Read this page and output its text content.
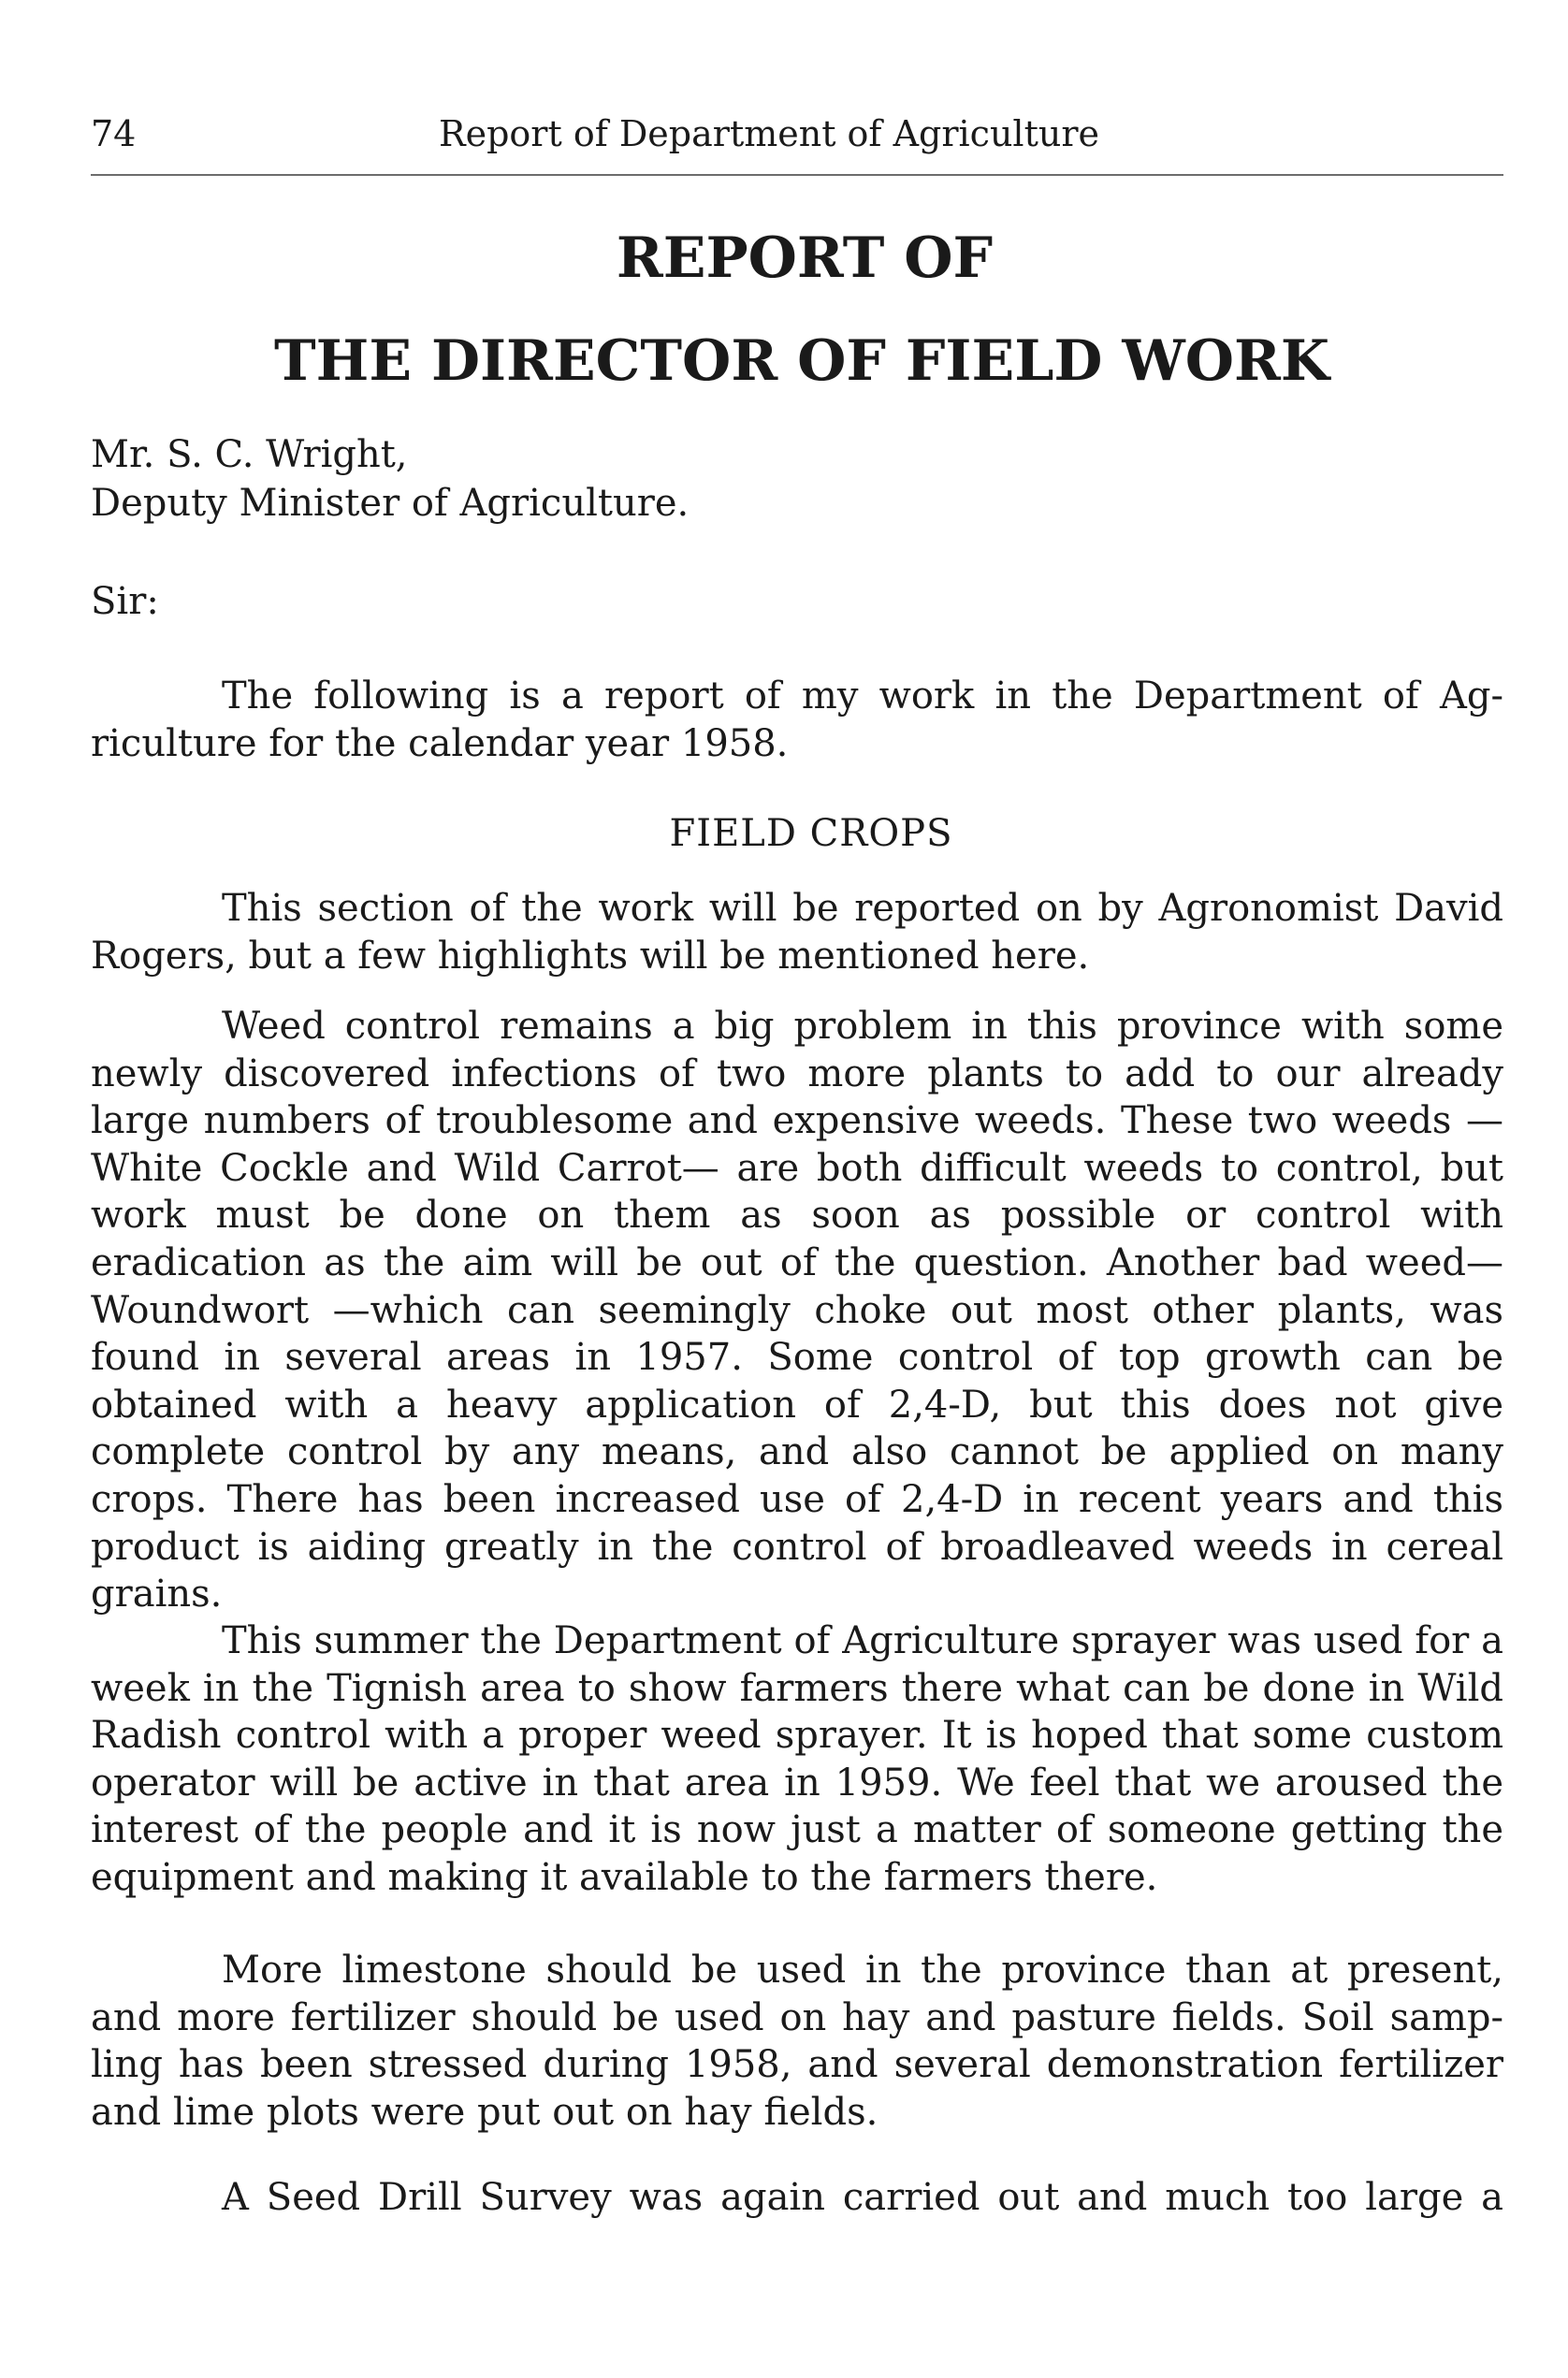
74	Report of Department of Agriculture
REPORT OF
THE DIRECTOR OF FIELD WORK
Mr. S. C. Wright,
Deputy Minister of Agriculture.
Sir:

The following is a report of my work in the Department of Agriculture for the calendar year 1958.

FIELD CROPS

This section of the work will be reported on by Agronomist David Rogers, but a few highlights will be mentioned here.

Weed control remains a big problem in this province with some newly discovered infections of two more plants to add to our already large numbers of troublesome and expensive weeds. These two weeds — White Cockle and Wild Carrot— are both difficult weeds to control, but work must be done on them as soon as possible or control with eradication as the aim will be out of the question. Another bad weed—Woundwort —which can seemingly choke out most other plants, was found in several areas in 1957. Some control of top growth can be obtained with a heavy application of 2,4-D, but this does not give complete control by any means, and also cannot be applied on many crops. There has been increased use of 2,4-D in recent years and this product is aiding greatly in the control of broadleaved weeds in cereal grains.

This summer the Department of Agriculture sprayer was used for a week in the Tignish area to show farmers there what can be done in Wild Radish control with a proper weed sprayer. It is hoped that some custom operator will be active in that area in 1959. We feel that we aroused the interest of the people and it is now just a matter of someone getting the equipment and making it available to the farmers there.

More limestone should be used in the province than at present, and more fertilizer should be used on hay and pasture fields. Soil sampling has been stressed during 1958, and several demonstration fertilizer and lime plots were put out on hay fields.

A Seed Drill Survey was again carried out and much too large a
